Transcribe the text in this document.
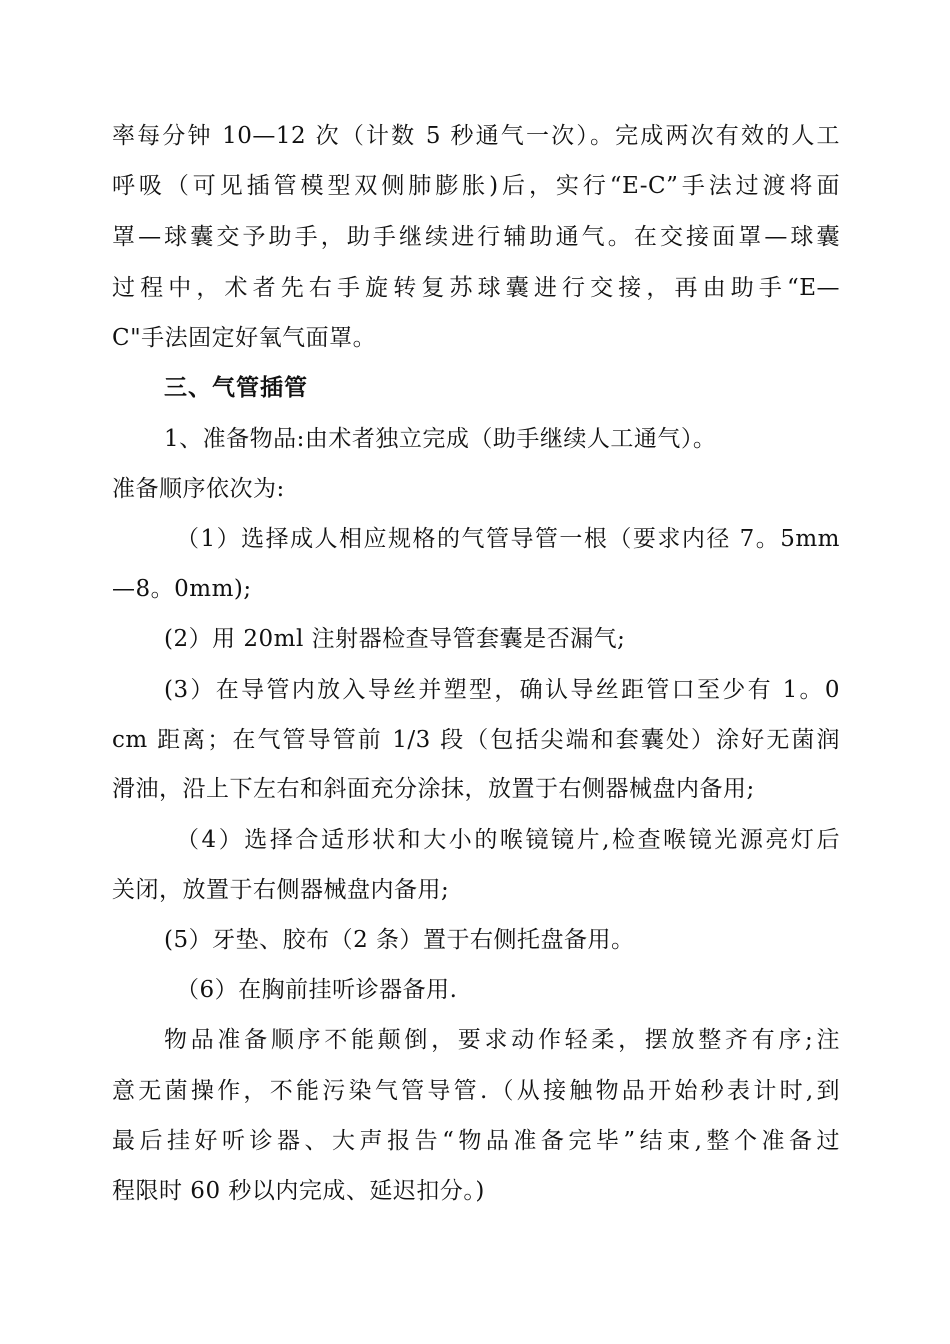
率每分钟 10—12 次（计数 5 秒通气一次）。完成两次有效的人工
呼吸（可见插管模型双侧肺膨胀)后，实行“E-C”手法过渡将面
罩—球囊交予助手，助手继续进行辅助通气。在交接面罩—球囊
过程中，术者先右手旋转复苏球囊进行交接，再由助手“E—
C"手法固定好氧气面罩。
三、气管插管
1、准备物品:由术者独立完成（助手继续人工通气）。
准备顺序依次为:
（1）选择成人相应规格的气管导管一根（要求内径 7。5mm
—8。0mm);
(2）用 20ml 注射器检查导管套囊是否漏气;
(3）在导管内放入导丝并塑型，确认导丝距管口至少有 1。0
cm 距离；在气管导管前 1/3 段（包括尖端和套囊处）涂好无菌润
滑油，沿上下左右和斜面充分涂抹，放置于右侧器械盘内备用;
（4）选择合适形状和大小的喉镜镜片,检查喉镜光源亮灯后
关闭，放置于右侧器械盘内备用;
(5）牙垫、胶布（2 条）置于右侧托盘备用。
（6）在胸前挂听诊器备用.
物品准备顺序不能颠倒，要求动作轻柔，摆放整齐有序;注
意无菌操作，不能污染气管导管.（从接触物品开始秒表计时,到
最后挂好听诊器、大声报告“物品准备完毕”结束,整个准备过
程限时 60 秒以内完成、延迟扣分。)
